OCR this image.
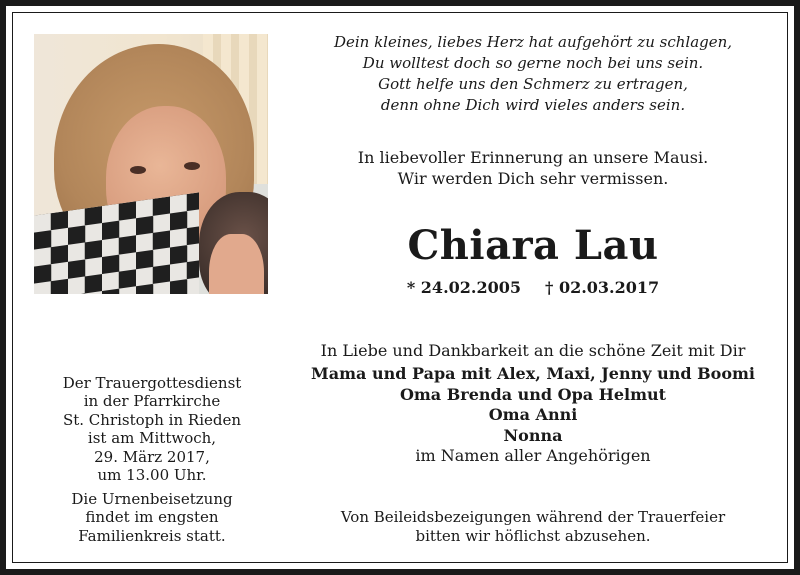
Dein kleines, liebes Herz hat aufgehört zu schlagen,
Du wolltest doch so gerne noch bei uns sein.
Gott helfe uns den Schmerz zu ertragen,
denn ohne Dich wird vieles anders sein.
In liebevoller Erinnerung an unsere Mausi.
Wir werden Dich sehr vermissen.
Chiara Lau
* 24.02.2005 † 02.03.2017
In Liebe und Dankbarkeit an die schöne Zeit mit Dir
Mama und Papa mit Alex, Maxi, Jenny und Boomi
Oma Brenda und Opa Helmut
Oma Anni
Nonna
im Namen aller Angehörigen
Der Trauergottesdienst
in der Pfarrkirche
St. Christoph in Rieden
ist am Mittwoch,
29. März 2017,
um 13.00 Uhr.
Die Urnenbeisetzung
findet im engsten
Familienkreis statt.
Von Beileidsbezeigungen während der Trauerfeier
bitten wir höflichst abzusehen.
